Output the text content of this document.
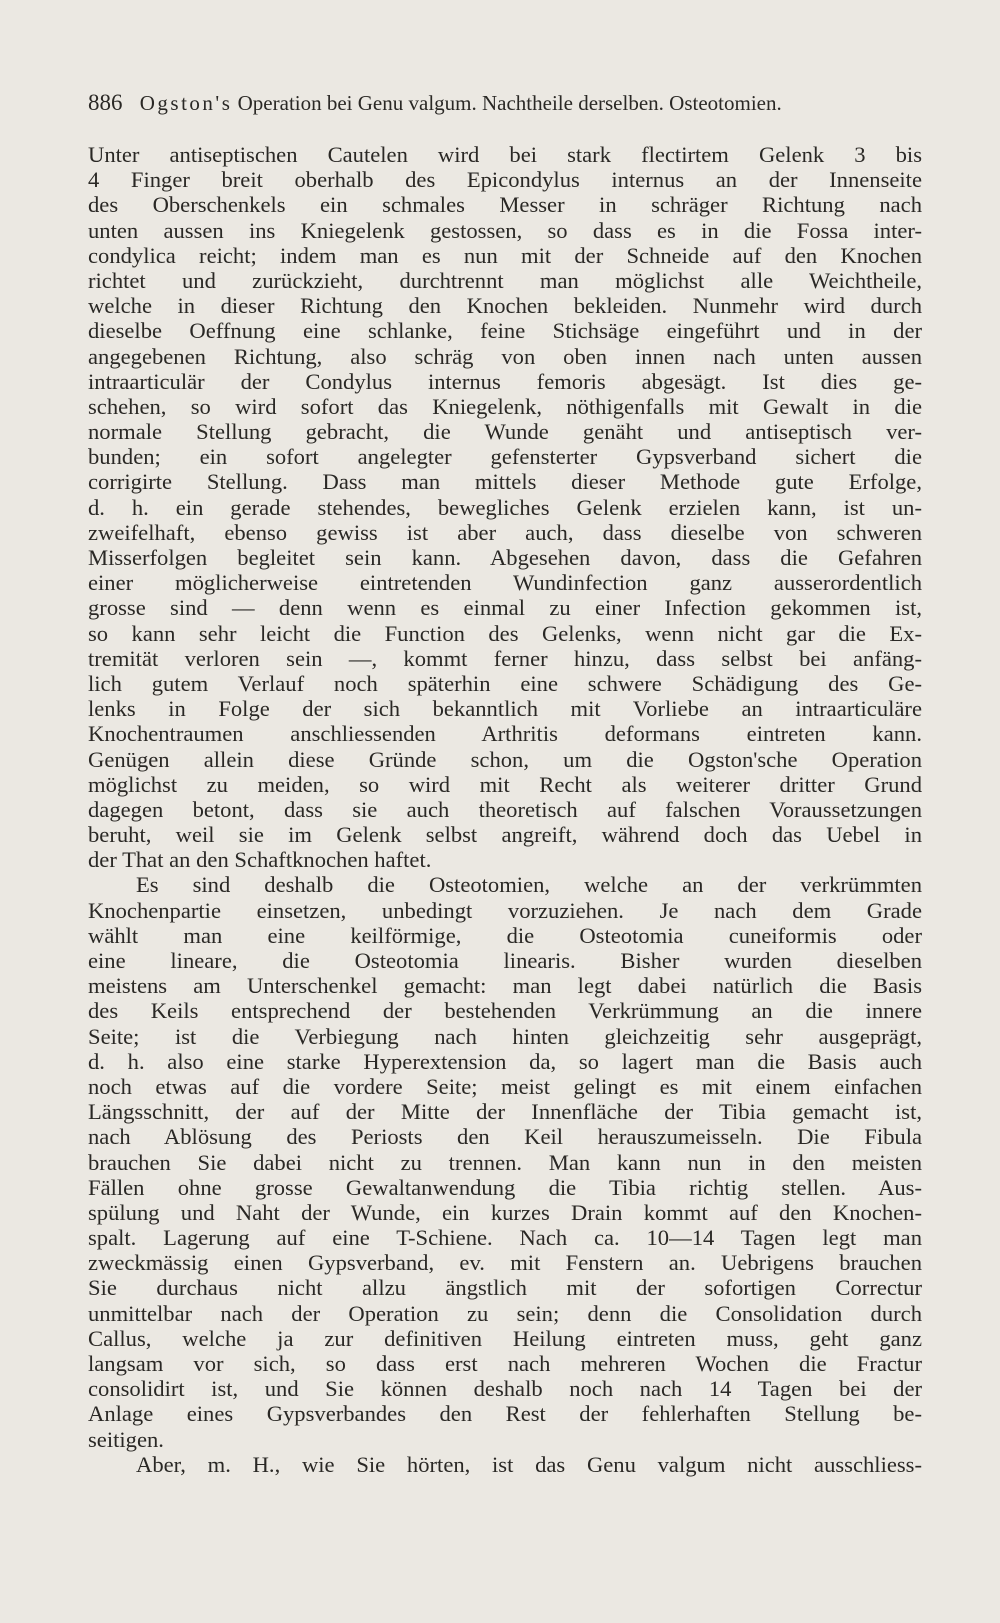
886 Ogston's Operation bei Genu valgum. Nachtheile derselben. Osteotomien.
Unter antiseptischen Cautelen wird bei stark flectirtem Gelenk 3 bis
4 Finger breit oberhalb des Epicondylus internus an der Innenseite
des Oberschenkels ein schmales Messer in schräger Richtung nach
unten aussen ins Kniegelenk gestossen, so dass es in die Fossa inter-
condylica reicht; indem man es nun mit der Schneide auf den Knochen
richtet und zurückzieht, durchtrennt man möglichst alle Weichtheile,
welche in dieser Richtung den Knochen bekleiden. Nunmehr wird durch
dieselbe Oeffnung eine schlanke, feine Stichsäge eingeführt und in der
angegebenen Richtung, also schräg von oben innen nach unten aussen
intraarticulär der Condylus internus femoris abgesägt. Ist dies ge-
schehen, so wird sofort das Kniegelenk, nöthigenfalls mit Gewalt in die
normale Stellung gebracht, die Wunde genäht und antiseptisch ver-
bunden; ein sofort angelegter gefensterter Gypsverband sichert die
corrigirte Stellung. Dass man mittels dieser Methode gute Erfolge,
d. h. ein gerade stehendes, bewegliches Gelenk erzielen kann, ist un-
zweifelhaft, ebenso gewiss ist aber auch, dass dieselbe von schweren
Misserfolgen begleitet sein kann. Abgesehen davon, dass die Gefahren
einer möglicherweise eintretenden Wundinfection ganz ausserordentlich
grosse sind — denn wenn es einmal zu einer Infection gekommen ist,
so kann sehr leicht die Function des Gelenks, wenn nicht gar die Ex-
tremität verloren sein —, kommt ferner hinzu, dass selbst bei anfäng-
lich gutem Verlauf noch späterhin eine schwere Schädigung des Ge-
lenks in Folge der sich bekanntlich mit Vorliebe an intraarticuläre
Knochentraumen anschliessenden Arthritis deformans eintreten kann.
Genügen allein diese Gründe schon, um die Ogston'sche Operation
möglichst zu meiden, so wird mit Recht als weiterer dritter Grund
dagegen betont, dass sie auch theoretisch auf falschen Voraussetzungen
beruht, weil sie im Gelenk selbst angreift, während doch das Uebel in
der That an den Schaftknochen haftet.
Es sind deshalb die Osteotomien, welche an der verkrümmten
Knochenpartie einsetzen, unbedingt vorzuziehen. Je nach dem Grade
wählt man eine keilförmige, die Osteotomia cuneiformis oder
eine lineare, die Osteotomia linearis. Bisher wurden dieselben
meistens am Unterschenkel gemacht: man legt dabei natürlich die Basis
des Keils entsprechend der bestehenden Verkrümmung an die innere
Seite; ist die Verbiegung nach hinten gleichzeitig sehr ausgeprägt,
d. h. also eine starke Hyperextension da, so lagert man die Basis auch
noch etwas auf die vordere Seite; meist gelingt es mit einem einfachen
Längsschnitt, der auf der Mitte der Innenfläche der Tibia gemacht ist,
nach Ablösung des Periosts den Keil herauszumeisseln. Die Fibula
brauchen Sie dabei nicht zu trennen. Man kann nun in den meisten
Fällen ohne grosse Gewaltanwendung die Tibia richtig stellen. Aus-
spülung und Naht der Wunde, ein kurzes Drain kommt auf den Knochen-
spalt. Lagerung auf eine T-Schiene. Nach ca. 10—14 Tagen legt man
zweckmässig einen Gypsverband, ev. mit Fenstern an. Uebrigens brauchen
Sie durchaus nicht allzu ängstlich mit der sofortigen Correctur
unmittelbar nach der Operation zu sein; denn die Consolidation durch
Callus, welche ja zur definitiven Heilung eintreten muss, geht ganz
langsam vor sich, so dass erst nach mehreren Wochen die Fractur
consolidirt ist, und Sie können deshalb noch nach 14 Tagen bei der
Anlage eines Gypsverbandes den Rest der fehlerhaften Stellung be-
seitigen.
Aber, m. H., wie Sie hörten, ist das Genu valgum nicht ausschliess-
